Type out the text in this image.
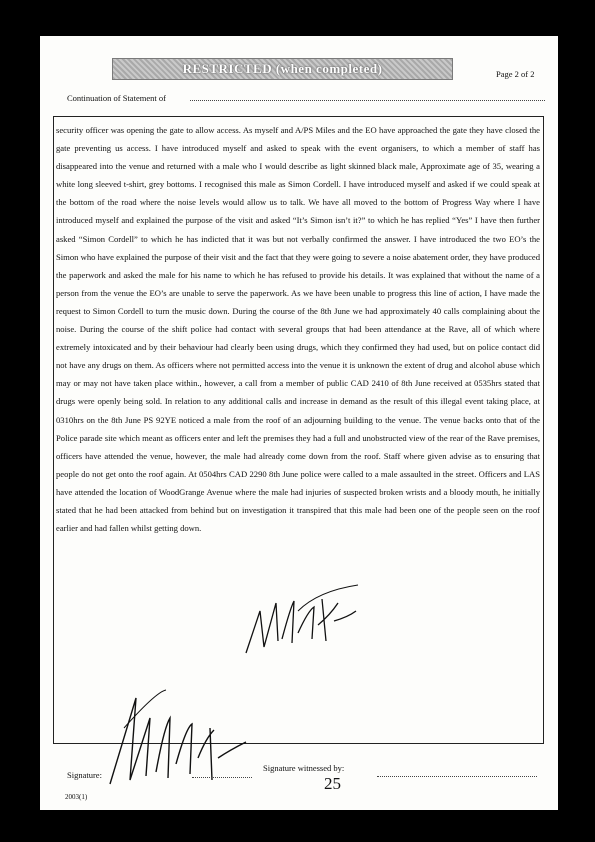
RESTRICTED (when completed)	Page 2 of 2
Continuation of Statement of

security officer was opening the gate to allow access. As myself and A/PS Miles and the EO have approached the gate they have closed the gate preventing us access. I have introduced myself and asked to speak with the event organisers, to which a member of staff has disappeared into the venue and returned with a male who I would describe as light skinned black male, Approximate age of 35, wearing a white long sleeved t-shirt, grey bottoms. I recognised this male as Simon Cordell. I have introduced myself and asked if we could speak at the bottom of the road where the noise levels would allow us to talk. We have all moved to the bottom of Progress Way where I have introduced myself and explained the purpose of the visit and asked “It’s Simon isn’t it?” to which he has replied “Yes” I have then further asked “Simon Cordell” to which he has indicted that it was but not verbally confirmed the answer. I have introduced the two EO’s the Simon who have explained the purpose of their visit and the fact that they were going to severe a noise abatement order, they have produced the paperwork and asked the male for his name to which he has refused to provide his details. It was explained that without the name of a person from the venue the EO’s are unable to serve the paperwork. As we have been unable to progress this line of action, I have made the request to Simon Cordell to turn the music down. During the course of the 8th June we had approximately 40 calls complaining about the noise. During the course of the shift police had contact with several groups that had been attendance at the Rave, all of which where extremely intoxicated and by their behaviour had clearly been using drugs, which they confirmed they had used, but on police contact did not have any drugs on them. As officers where not permitted access into the venue it is unknown the extent of drug and alcohol abuse which may or may not have taken place within., however, a call from a member of public CAD 2410 of 8th June received at 0535hrs stated that drugs were openly being sold. In relation to any additional calls and increase in demand as the result of this illegal event taking place, at 0310hrs on the 8th June PS 92YE noticed a male from the roof of an adjourning building to the venue. The venue backs onto that of the Police parade site which meant as officers enter and left the premises they had a full and unobstructed view of the rear of the Rave premises, officers have attended the venue, however, the male had already come down from the roof. Staff where given advise as to ensuring that people do not get onto the roof again. At 0504hrs CAD 2290 8th June police were called to a male assaulted in the street. Officers and LAS have attended the location of WoodGrange Avenue where the male had injuries of suspected broken wrists and a bloody mouth, he initially stated that he had been attacked from behind but on investigation it transpired that this male had been one of the people seen on the roof earlier and had fallen whilst getting down.

Signature:
Signature witnessed by:
25
2003(1)
